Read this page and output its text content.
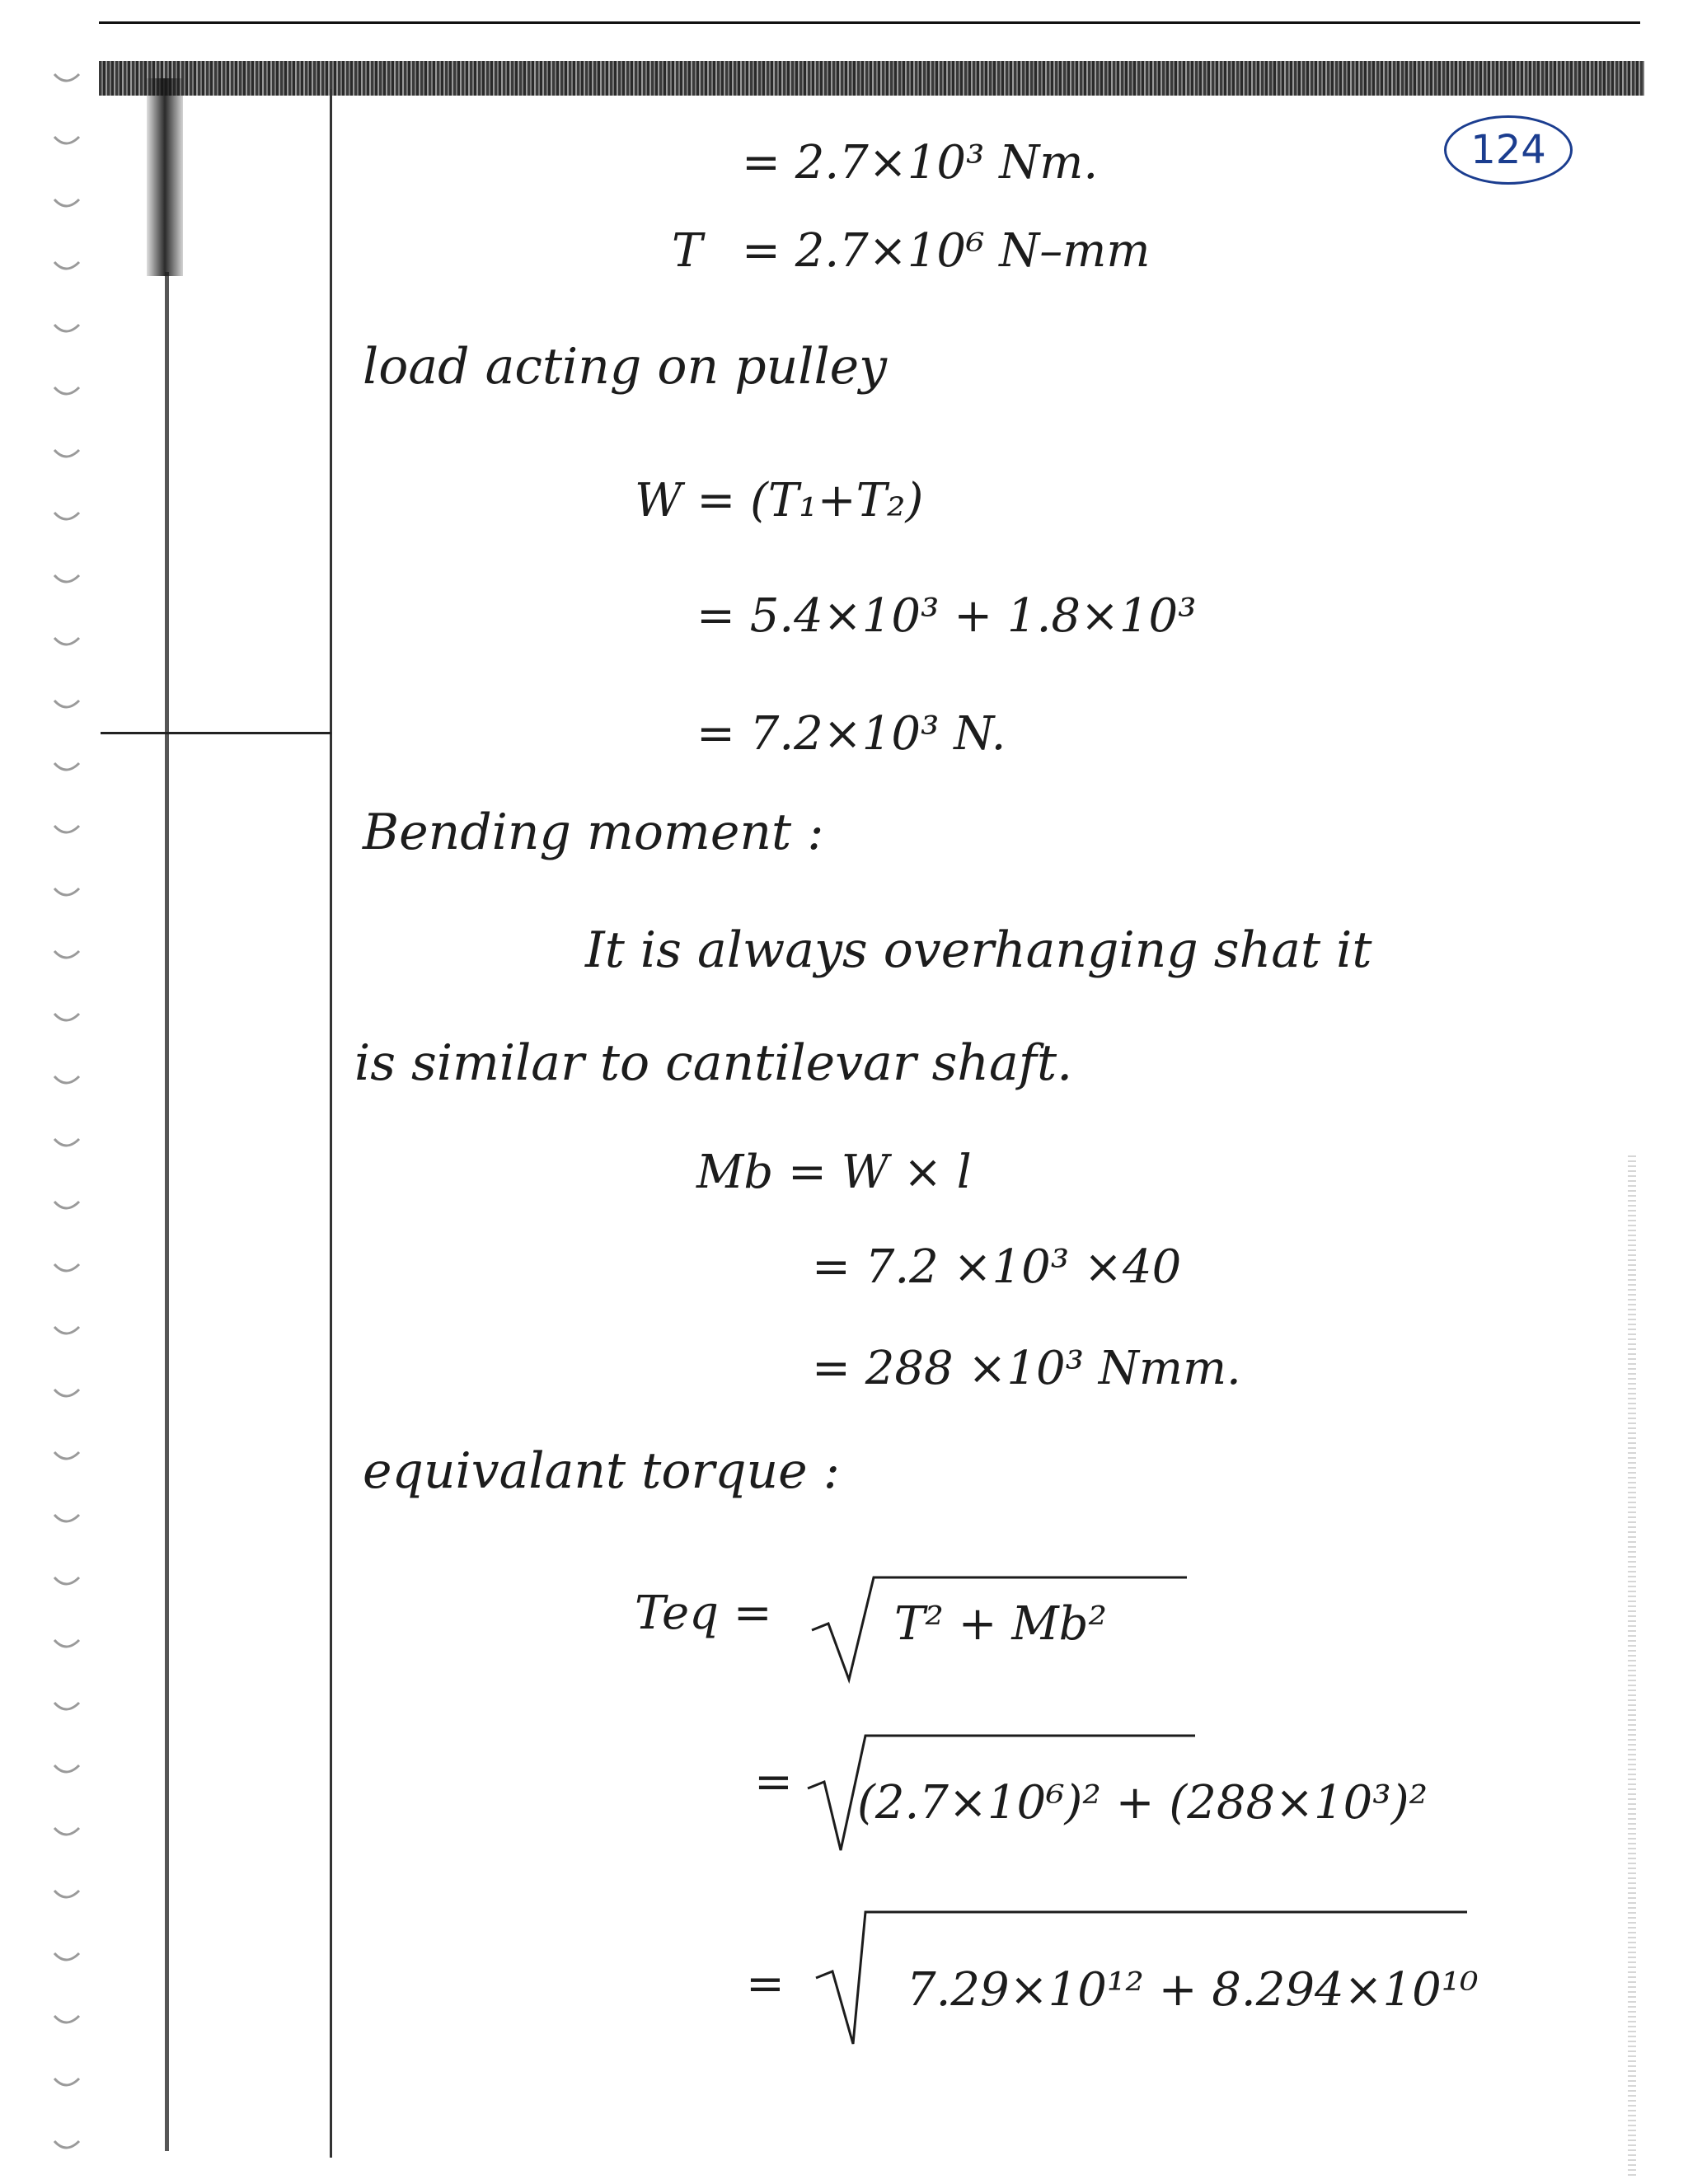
124
= 2.7×10³ Nm.
T = 2.7×10⁶ N–mm
load acting on pulley
W = (T₁+T₂)
= 5.4×10³ + 1.8×10³
= 7.2×10³ N.
Bending moment :
It is always overhanging shat it
is similar to cantilevar shaft.
Mb = W × l
= 7.2 ×10³ ×40
= 288 ×10³ Nmm.
equivalant torque :
Teq =	T² + Mb²
= (2.7×10⁶)² + (288×10³)²
=	7.29×10¹² + 8.294×10¹⁰
